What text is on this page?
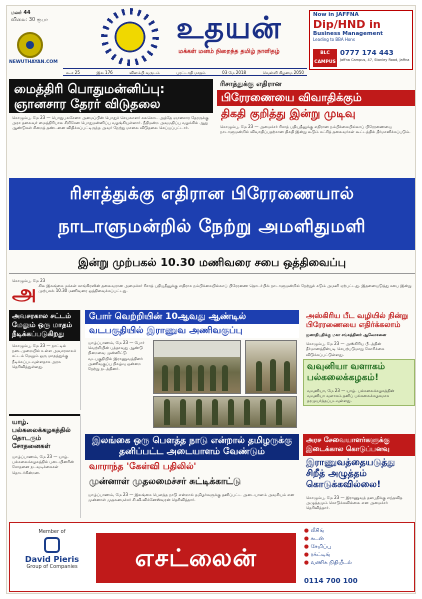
மலர் 44
விலை: 30 ரூபா
NEWUTHAYAN.COM
உதயன்
மக்கள் மனம் நிறைந்த தமிழ் நாளிதழ்
Now in JAFFNA
Dip/HND in
Business Management
Leading to BBA Hons
BLC CAMPUS
0777 174 443
Jaffna Campus, 47, Stanley Road, Jaffna
கூ.ச 25	இல 176	விளம்பி வருடம்	புரட்டாதி மாதம்	03 மே 2018	வெள்ளி கிழமை 2050
மைத்திரி பொதுமன்னிப்பு:
ஞானசார தேரர் விடுதலை
கொழும்பு, மே 23 — பொதுபலசேனா அமைப்பின் பொதுச் செயலாளர் கலகொட அத்தே ஞானசார தேரருக்கு அரச தலைவர் மைத்திரிபால சிறிசேன பொதுமன்னிப்பு வழங்கியுள்ளார். நீதிமன்ற அவமதிப்பு வழக்கில் ஆறு ஆண்டுகள் சிறைத் தண்டனை விதிக்கப்பட்டிருந்த அவர் நேற்று மாலை விடுதலை செய்யப்பட்டார்.
ரிசாத்துக்கு எதிரான
பிரேரணையை விவாதிக்கும்
திகதி குறித்து இன்று முடிவு
கொழும்பு, மே 23 — அமைச்சர் ரிசாத் பதியுதீனுக்கு எதிரான நம்பிக்கையில்லாப் பிரேரணையை நாடாளுமன்றில் விவாதிப்பதற்கான திகதி இன்று கூடும் கட்சித் தலைவர்கள் கூட்டத்தில் தீர்மானிக்கப்படும்.
ரிசாத்துக்கு எதிரான பிரேரணையால்
நாடாளுமன்றில் நேற்று அமளிதுமளி
இன்று முற்பகல் 10.30 மணிவரை சபை ஒத்திவைப்பு
கொழும்பு, மே 23
அ கில இலங்கை மக்கள் காங்கிரஸின் தலைவரான அமைச்சர் ரிசாத் பதியுதீனுக்கு எதிராக நம்பிக்கையில்லாப் பிரேரணை தொடர்பில் நாடாளுமன்றில் நேற்றுக் கடும் அமளி ஏற்பட்டது. இதனையடுத்து சபை இன்று முற்பகல் 10.30 மணிவரை ஒத்திவைக்கப்பட்டது.
அவசரகால சட்டம் மேலும் ஒரு மாதம் நீடிக்கப்படுகிறது
கொழும்பு, மே 23 — நாட்டில் நடைமுறையில் உள்ள அவசரகாலச் சட்டம் மேலும் ஒரு மாதத்துக்கு நீடிக்கப்படவுள்ளதாக அரசு தெரிவித்துள்ளது.
போர் வெற்றியின் 10ஆவது ஆண்டில்
வடபகுதியில் இராணுவ அணிவகுப்பு
யாழ்ப்பாணம், மே 23 — போர் வெற்றியின் பத்தாவது ஆண்டு நிறைவை முன்னிட்டு வடபகுதியில் இராணுவத்தினர் அணிவகுப்பு நிகழ்வு ஒன்றை நேற்று நடத்தினர்.
அஸ்கிரிய பீட வழியில் நின்று பிரேரணையை எதிர்க்கலாம்
ஜனாதிபதிக்கு மகா சங்கத்தினர் ஆலோசனை
கொழும்பு, மே 23 — அஸ்கிரிய பீடத்தின் தீர்மானத்தின்படி செயற்படுமாறு கோரிக்கை விடுக்கப்பட்டுள்ளது.
வவுனியா வளாகம் பல்கலைக்கழகம்!
வவுனியா, மே 23 — யாழ். பல்கலைக்கழகத்தின் வவுனியா வளாகம் தனிப் பல்கலைக்கழகமாக தரமுயர்த்தப்படவுள்ளது.
யாழ். பல்கலைக்கழகத்தில் தொடரும் சோதனைகள்
யாழ்ப்பாணம், மே 23 — யாழ். பல்கலைக்கழகத்தில் படையினரின் சோதனை நடவடிக்கைகள் தொடர்கின்றன.
இலங்கை ஒரு பௌத்த நாடு என்றால் தமிழருக்கு தனிப்பட்ட அடையாளம் வேண்டும்
வாராந்த 'கேள்வி பதிலில்'
முன்னாள் முதலமைச்சர் சுட்டிக்காட்டு
யாழ்ப்பாணம், மே 23 — இலங்கை பௌத்த நாடு என்றால் தமிழர்களுக்கு தனிப்பட்ட அடையாளம் அவசியம் என முன்னாள் முதலமைச்சர் சி.வி.விக்னேஸ்வரன் தெரிவித்தார்.
அரச சேவையாளர்களுக்கு இடைக்கால கொடுப்பனவு
இராணுவத்தையடுத்து சிறீத் அழுத்தம் கொடுக்கவில்லை!
கொழும்பு, மே 23 — இராணுவத் தளபதிக்கு எந்தவித அழுத்தமும் கொடுக்கவில்லை என அமைச்சர் தெரிவித்தார்.
Member of
David Pieris
Group of Companies	எசட்லைன்
● லீசிங்
● கடன்
● சேமிப்பு
● ரக்ட்டிங்
● வணிக நிதியீடல்
0114 700 100
